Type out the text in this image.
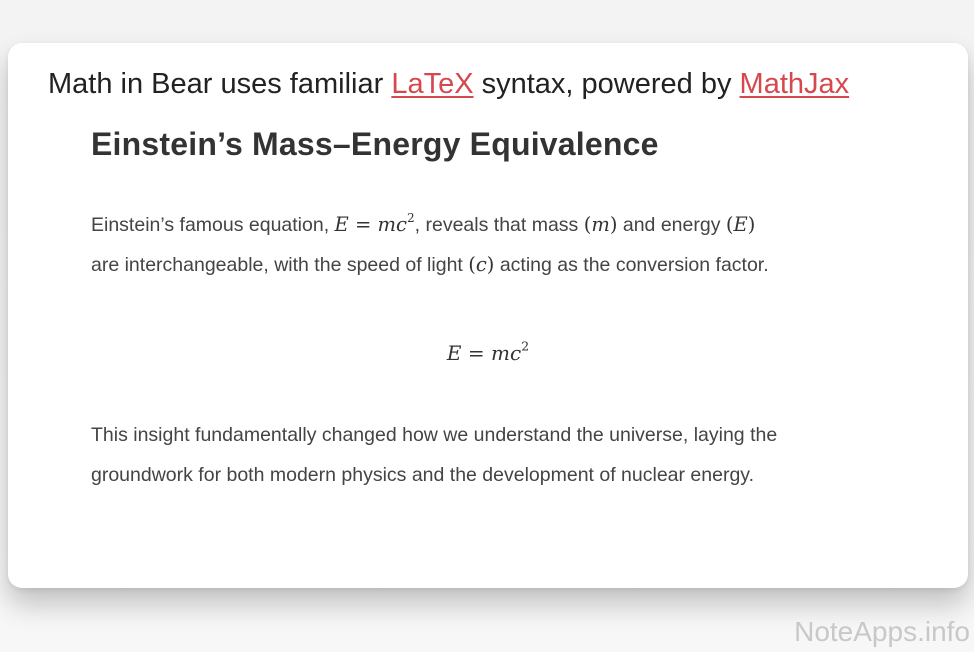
Math in Bear uses familiar LaTeX syntax, powered by MathJax
Einstein’s Mass–Energy Equivalence
Einstein’s famous equation, $E = mc^2$, reveals that mass (m) and energy (E)
are interchangeable, with the speed of light (c) acting as the conversion factor.
$E = mc^2$
This insight fundamentally changed how we understand the universe, laying the
groundwork for both modern physics and the development of nuclear energy.
NoteApps.info
